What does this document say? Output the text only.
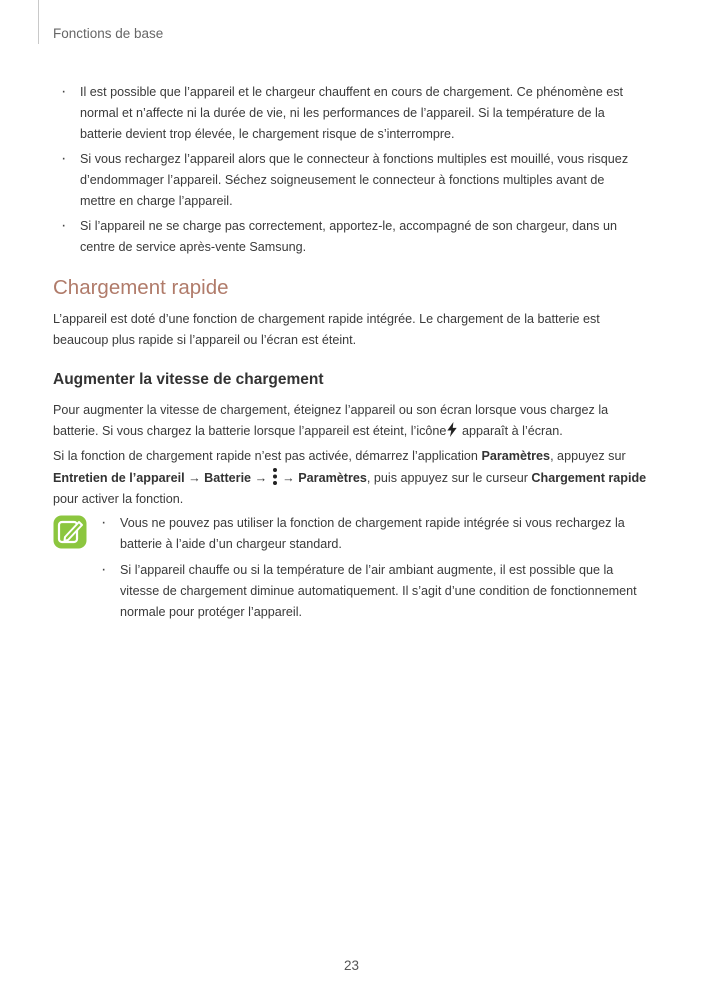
Fonctions de base
· Il est possible que l’appareil et le chargeur chauffent en cours de chargement. Ce phénomène est normal et n’affecte ni la durée de vie, ni les performances de l’appareil. Si la température de la batterie devient trop élevée, le chargement risque de s’interrompre.
· Si vous rechargez l’appareil alors que le connecteur à fonctions multiples est mouillé, vous risquez d’endommager l’appareil. Séchez soigneusement le connecteur à fonctions multiples avant de mettre en charge l’appareil.
· Si l’appareil ne se charge pas correctement, apportez-le, accompagné de son chargeur, dans un centre de service après-vente Samsung.
Chargement rapide

L’appareil est doté d’une fonction de chargement rapide intégrée. Le chargement de la batterie est beaucoup plus rapide si l’appareil ou l’écran est éteint.

Augmenter la vitesse de chargement

Pour augmenter la vitesse de chargement, éteignez l’appareil ou son écran lorsque vous chargez la batterie. Si vous chargez la batterie lorsque l’appareil est éteint, l’icône apparaît à l’écran.

Si la fonction de chargement rapide n’est pas activée, démarrez l’application Paramètres, appuyez sur Entretien de l’appareil → Batterie → → Paramètres, puis appuyez sur le curseur Chargement rapide pour activer la fonction.

· Vous ne pouvez pas utiliser la fonction de chargement rapide intégrée si vous rechargez la batterie à l’aide d’un chargeur standard.
· Si l’appareil chauffe ou si la température de l’air ambiant augmente, il est possible que la vitesse de chargement diminue automatiquement. Il s’agit d’une condition de fonctionnement normale pour protéger l’appareil.
23
